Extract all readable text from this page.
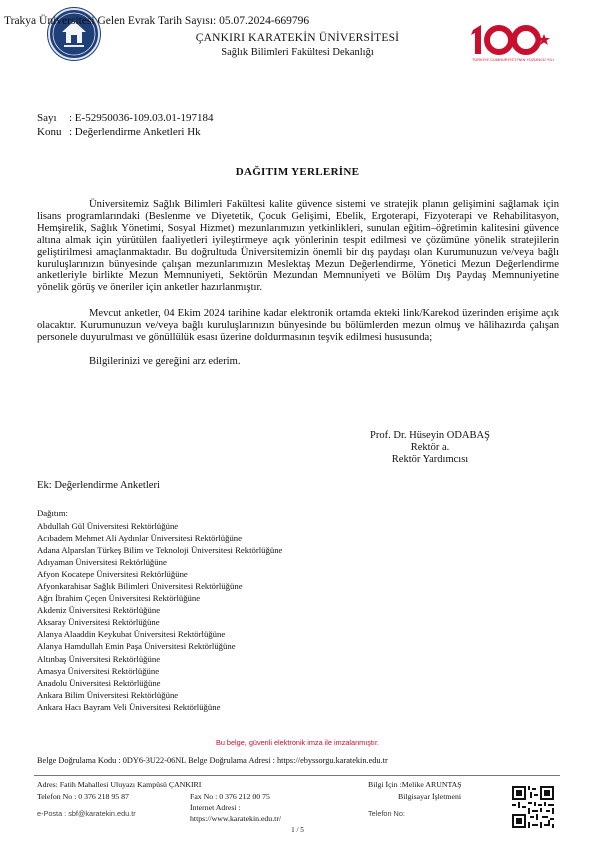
Trakya Üniversitesi Gelen Evrak Tarih Sayısı: 05.07.2024-669796
ÇANKIRI KARATEKİN ÜNİVERSİTESİ
Sağlık Bilimleri Fakültesi Dekanlığı
TÜRKİYE CUMHURİYETİ'NİN YÜZÜNCÜ YILI
Sayı : E-52950036-109.03.01-197184
Konu : Değerlendirme Anketleri Hk
DAĞITIM YERLERİNE
Üniversitemiz Sağlık Bilimleri Fakültesi kalite güvence sistemi ve stratejik planın gelişimini sağlamak için lisans programlarındaki (Beslenme ve Diyetetik, Çocuk Gelişimi, Ebelik, Ergoterapi, Fizyoterapi ve Rehabilitasyon, Hemşirelik, Sağlık Yönetimi, Sosyal Hizmet) mezunlarımızın yetkinlikleri, sunulan eğitim–öğretimin kalitesini güvence altına almak için yürütülen faaliyetleri iyileştirmeye açık yönlerinin tespit edilmesi ve çözümüne yönelik stratejilerin geliştirilmesi amaçlanmaktadır. Bu doğrultuda Üniversitemizin önemli bir dış paydaşı olan Kurumunuzun ve/veya bağlı kuruluşlarınızın bünyesinde çalışan mezunlarımızın Meslektaş Mezun Değerlendirme, Yönetici Mezun Değerlendirme anketleriyle birlikte Mezun Memnuniyeti, Sektörün Mezundan Memnuniyeti ve Bölüm Dış Paydaş Memnuniyetine yönelik görüş ve öneriler için anketler hazırlanmıştır.
Mevcut anketler, 04 Ekim 2024 tarihine kadar elektronik ortamda ekteki link/Karekod üzerinden erişime açık olacaktır. Kurumunuzun ve/veya bağlı kuruluşlarınızın bünyesinde bu bölümlerden mezun olmuş ve hâlihazırda çalışan personele duyurulması ve gönüllülük esası üzerine doldurmasının teşvik edilmesi hususunda;
Bilgilerinizi ve gereğini arz ederim.
Prof. Dr. Hüseyin ODABAŞ
Rektör a.
Rektör Yardımcısı
Ek: Değerlendirme Anketleri
Dağıtım:
Abdullah Gül Üniversitesi Rektörlüğüne
Acıbadem Mehmet Ali Aydınlar Üniversitesi Rektörlüğüne
Adana Alparslan Türkeş Bilim ve Teknoloji Üniversitesi Rektörlüğüne
Adıyaman Üniversitesi Rektörlüğüne
Afyon Kocatepe Üniversitesi Rektörlüğüne
Afyonkarahisar Sağlık Bilimleri Üniversitesi Rektörlüğüne
Ağrı İbrahim Çeçen Üniversitesi Rektörlüğüne
Akdeniz Üniversitesi Rektörlüğüne
Aksaray Üniversitesi Rektörlüğüne
Alanya Alaaddin Keykubat Üniversitesi Rektörlüğüne
Alanya Hamdullah Emin Paşa Üniversitesi Rektörlüğüne
Altınbaş Üniversitesi Rektörlüğüne
Amasya Üniversitesi Rektörlüğüne
Anadolu Üniversitesi Rektörlüğüne
Ankara Bilim Üniversitesi Rektörlüğüne
Ankara Hacı Bayram Veli Üniversitesi Rektörlüğüne
Bu belge, güvenli elektronik imza ile imzalanmıştır.
Belge Doğrulama Kodu : 0DY6-3U22-06NL Belge Doğrulama Adresi : https://ebyssorgu.karatekin.edu.tr
Adres: Fatih Mahallesi Uluyazı Kampüsü ÇANKIRI
Telefon No : 0 376 218 95 87	Fax No : 0 376 212 00 75
İnternet Adresi :
e-Posta : sbf@karatekin.edu.tr
https://www.karatekin.edu.tr/
Bilgi İçin :Melike ARUNTAŞ
Bilgisayar İşletmeni
Telefon No:
1 / 5
